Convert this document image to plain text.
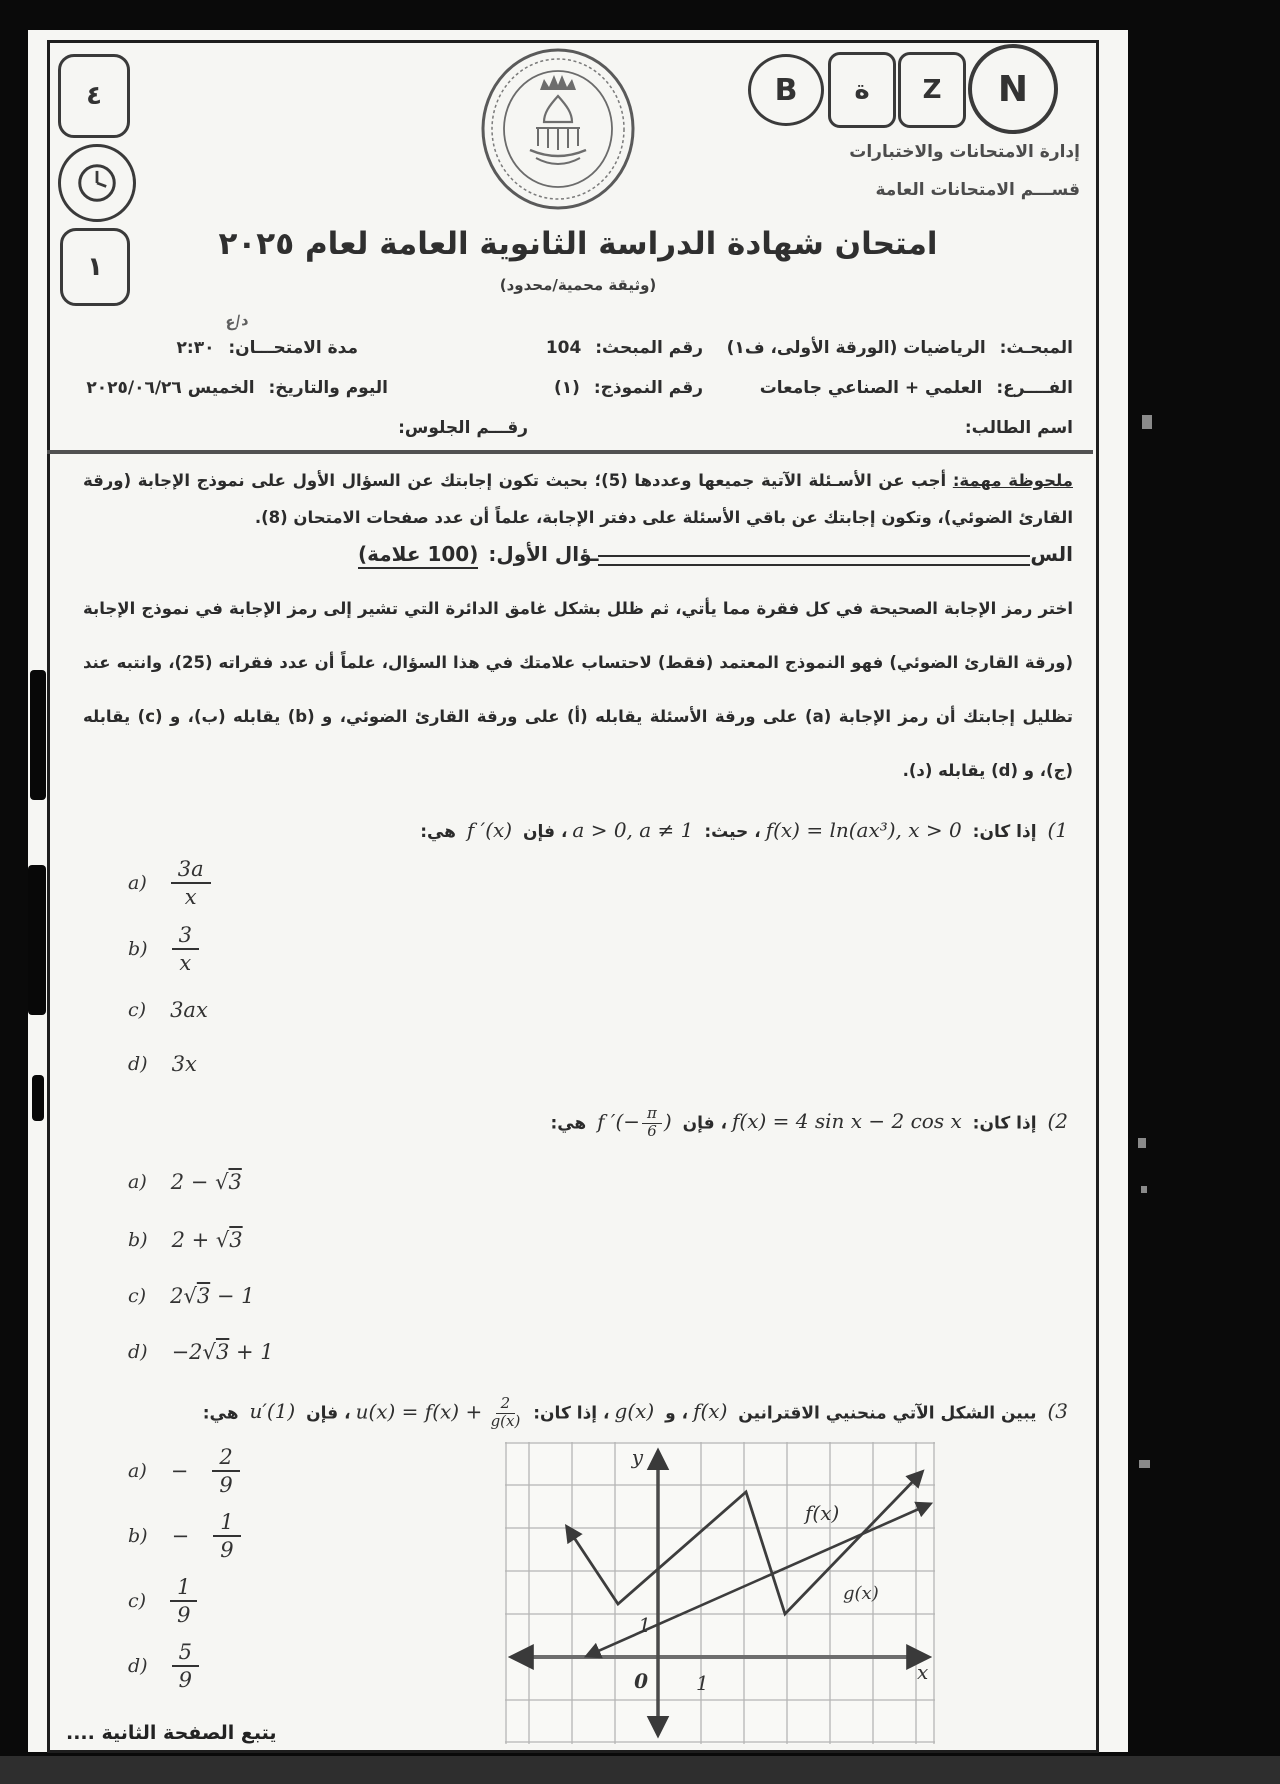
٤
١
B ة Z N
إدارة الامتحانات والاختبارات
قســـم الامتحانات العامة
امتحان شهادة الدراسة الثانوية العامة لعام ٢٠٢٥
(وثيقة محمية/محدود)
المبحـث: الرياضيات (الورقة الأولى، ف١)
رقم المبحث: 104
مدة الامتحـــان: ٢:٣٠
د/ع
الفــــرع: العلمي + الصناعي جامعات
رقم النموذج: (١)
اليوم والتاريخ: الخميس ٢٠٢٥/٠٦/٢٦
اسم الطالب:
رقـــم الجلوس:

ملحوظة مهمة: أجب عن الأسـئلة الآتية جميعها وعددها (5)؛ بحيث تكون إجابتك عن السؤال الأول على نموذج الإجابة (ورقة القارئ الضوئي)، وتكون إجابتك عن باقي الأسئلة على دفتر الإجابة، علماً أن عدد صفحات الامتحان (8).

الس
ـؤال الأول:
(100 علامة)

اختر رمز الإجابة الصحيحة في كل فقرة مما يأتي، ثم ظلل بشكل غامق الدائرة التي تشير إلى رمز الإجابة في نموذج الإجابة (ورقة القارئ الضوئي) فهو النموذج المعتمد (فقط) لاحتساب علامتك في هذا السؤال، علماً أن عدد فقراته (25)، وانتبه عند تظليل إجابتك أن رمز الإجابة (a) على ورقة الأسئلة يقابله (أ) على ورقة القارئ الضوئي، و (b) يقابله (ب)، و (c) يقابله (ج)، و (d) يقابله (د).

(1 إذا كان: f(x) = ln(ax³), x > 0، حيث: a > 0, a ≠ 1، فإن f ′(x) هي:
$a) \frac{3a}{x}$
$b) \frac{3}{x}$
c) 3ax
d) 3x
(2 إذا كان: f(x) = 4 sin x − 2 cos x، فإن f ′(− $\frac{\pi}{6}$ ) هي:
a) 2 − √3
b) 2 + √3
c) 2√3 − 1
d) −2√3 + 1
(3 يبين الشكل الآتي منحنيي الاقترانين f(x)، و g(x)، إذا كان: $u(x) = f(x) + \frac{2}{g(x)}$
، فإن u′(1) هي:
$a) - \frac{2}{9}$
$b) - \frac{1}{9}$
$c) \frac{1}{9}$
$d) \frac{5}{9}$
y
x
0 1
1
f(x)
g(x)
يتبع الصفحة الثانية ....
